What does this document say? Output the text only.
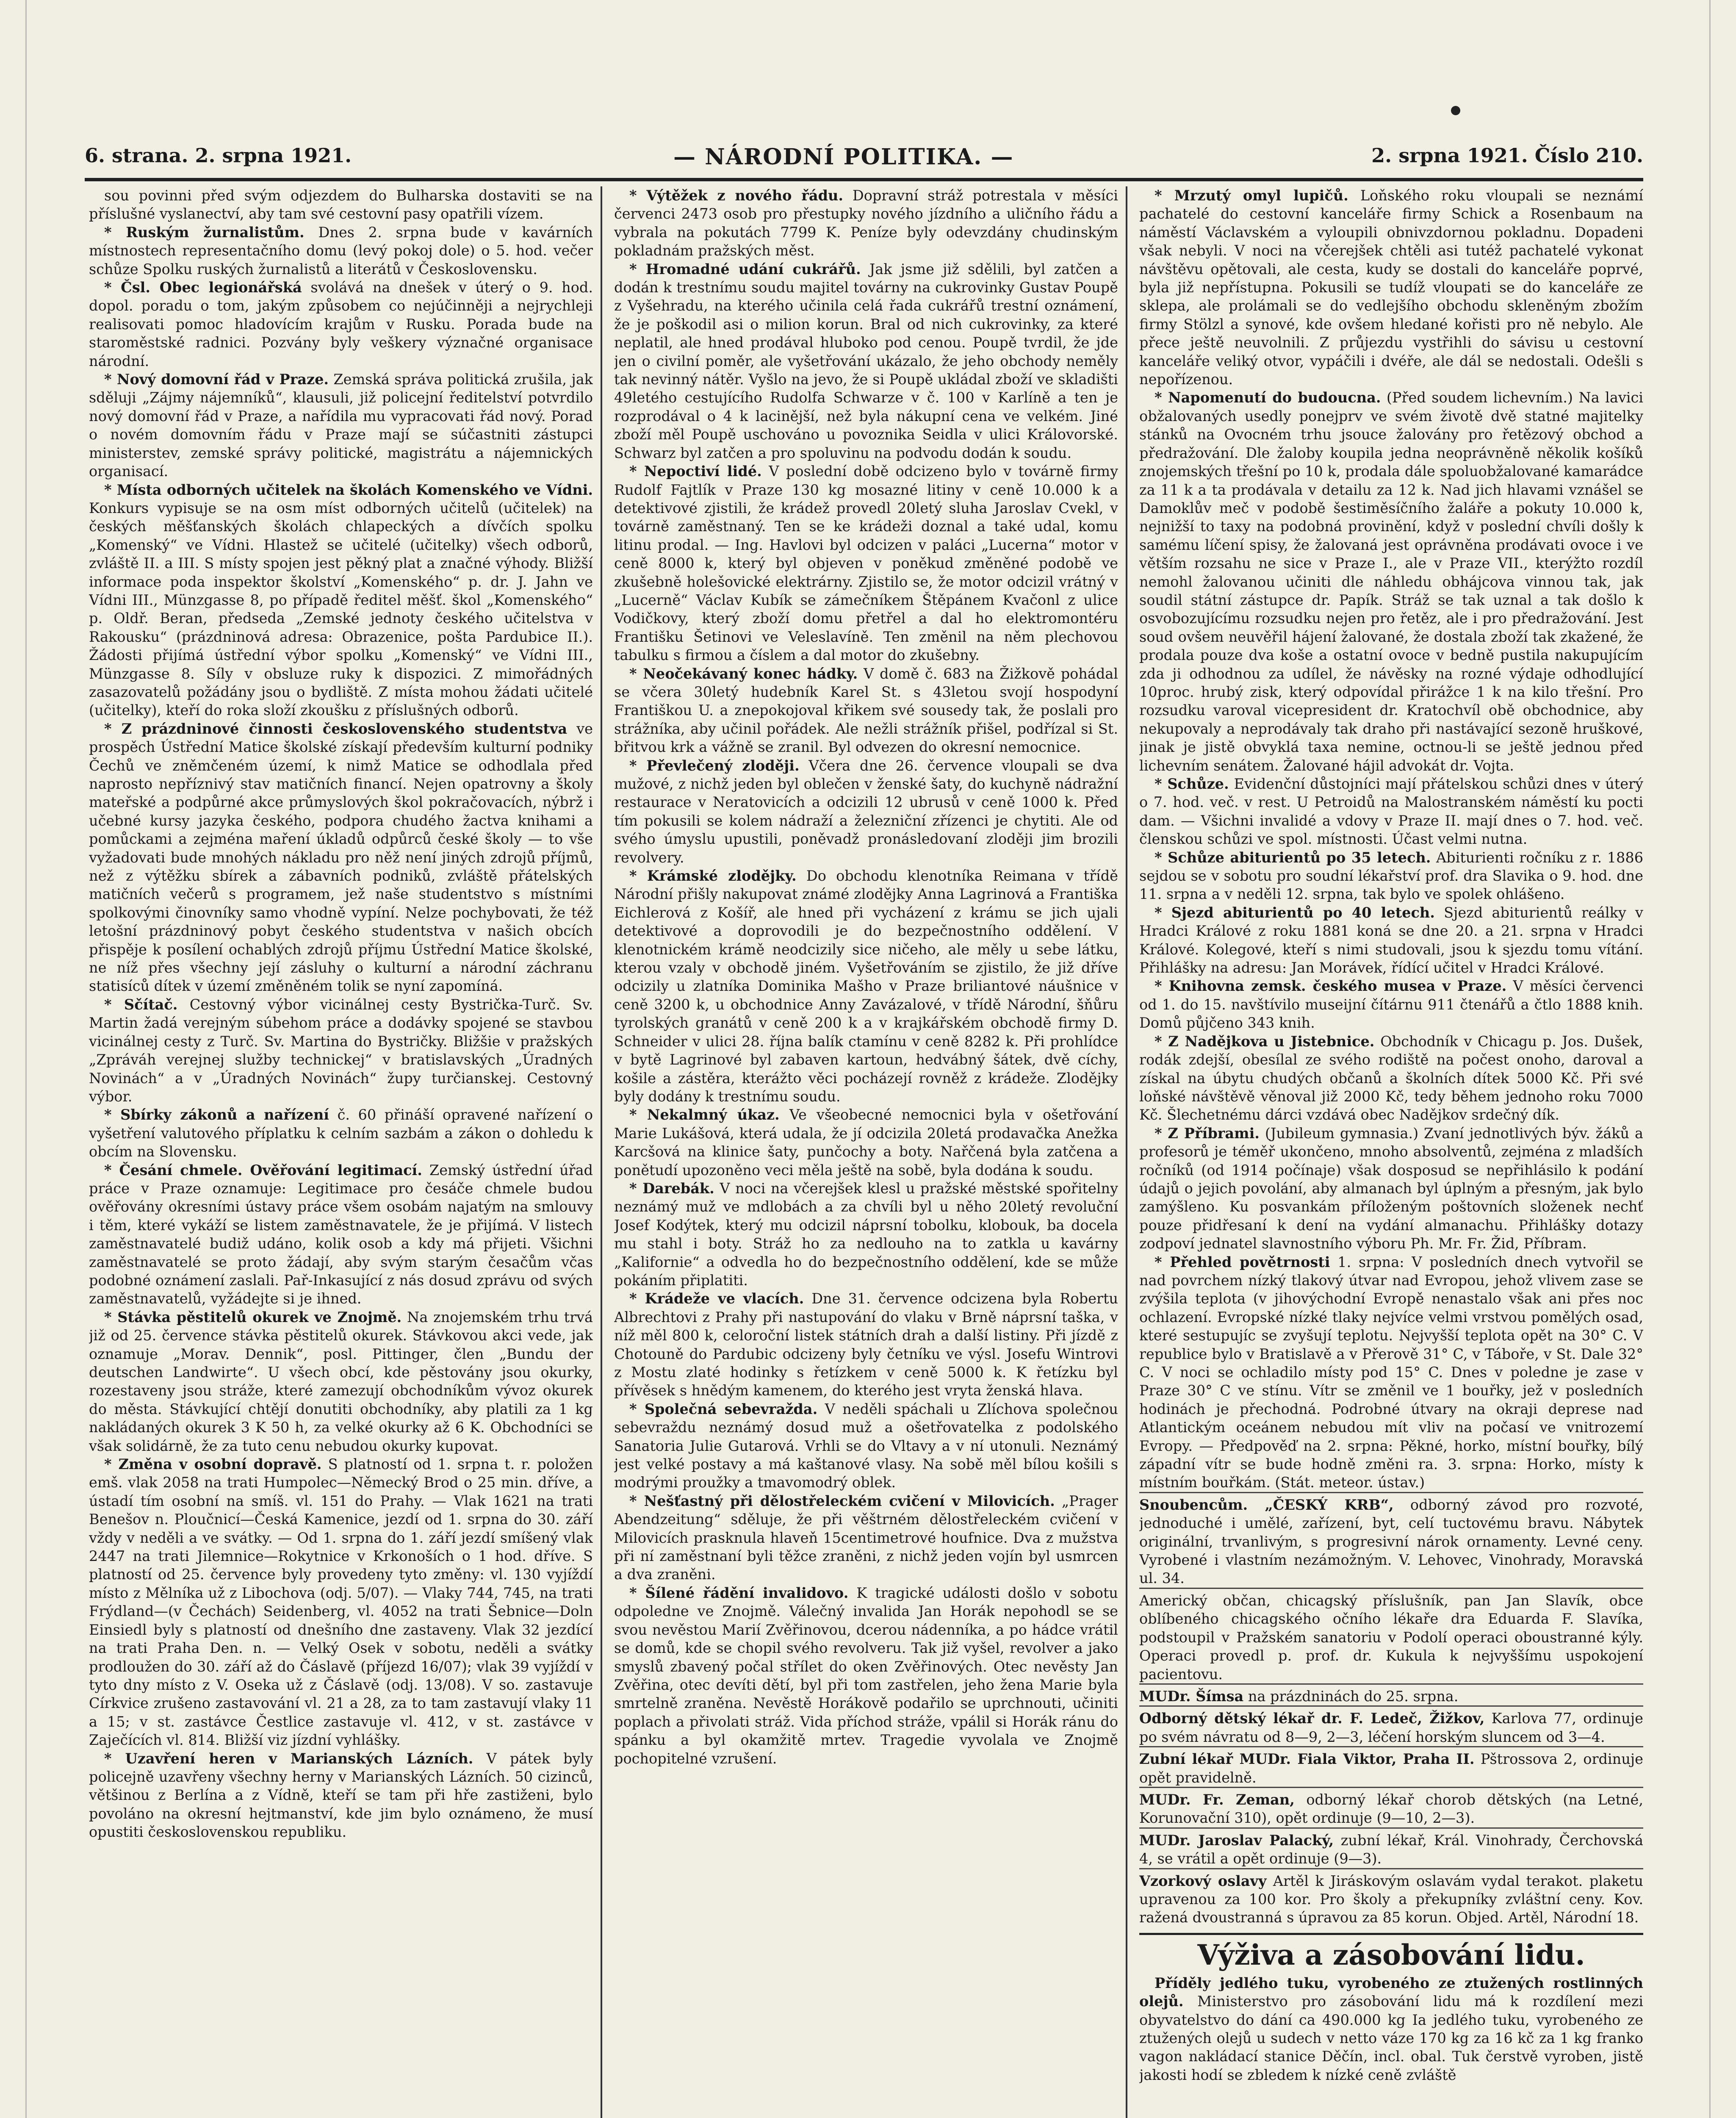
6. strana. 2. srpna 1921.	— NÁRODNÍ POLITIKA. —	2. srpna 1921. Číslo 210.

sou povinni před svým odjezdem do Bulharska dostaviti se na příslušné vyslanectví, aby tam své cestovní pasy opatřili vízem.

* Ruským žurnalistům. Dnes 2. srpna bude v kavárních místnostech representačního domu (levý pokoj dole) o 5. hod. večer schůze Spolku ruských žurnalistů a literátů v Československu.

* Čsl. Obec legionářská svolává na dnešek v úterý o 9. hod. dopol. poradu o tom, jakým způsobem co nejúčinněji a nejrychleji realisovati pomoc hladovícím krajům v Rusku. Porada bude na staroměstské radnici. Pozvány byly veškery význačné organisace národní.

* Nový domovní řád v Praze. Zemská správa politická zrušila, jak sděluji „Zájmy nájemníků“, klausuli, již policejní ředitelství potvrdilo nový domovní řád v Praze, a nařídila mu vypracovati řád nový. Porad o novém domovním řádu v Praze mají se súčastniti zástupci ministerstev, zemské správy politické, magistrátu a nájemnických organisací.

* Místa odborných učitelek na školách Komenského ve Vídni. Konkurs vypisuje se na osm míst odborných učitelů (učitelek) na českých měšťanských školách chlapeckých a dívčích spolku „Komenský“ ve Vídni. Hlastež se učitelé (učitelky) všech odborů, zvláště II. a III. S místy spojen jest pěkný plat a značné výhody. Bližší informace poda inspektor školství „Komenského“ p. dr. J. Jahn ve Vídni III., Münzgasse 8, po případě ředitel měšť. škol „Komenského“ p. Oldř. Beran, předseda „Zemské jednoty českého učitelstva v Rakousku“ (prázdninová adresa: Obrazenice, pošta Pardubice II.). Žádosti přijímá ústřední výbor spolku „Komenský“ ve Vídni III., Münzgasse 8. Síly v obsluze ruky k dispozici. Z mimořádných zasazovatelů požádány jsou o bydliště. Z místa mohou žádati učitelé (učitelky), kteří do roka složí zkoušku z příslušných odborů.

* Z prázdninové činnosti československého studentstva ve prospěch Ústřední Matice školské získají především kulturní podniky Čechů ve zněmčeném území, k nimž Matice se odhodlala před naprosto nepříznivý stav matičních financí. Nejen opatrovny a školy mateřské a podpůrné akce průmyslových škol pokračovacích, nýbrž i učebné kursy jazyka českého, podpora chudého žactva knihami a pomůckami a zejména maření úkladů odpůrců české školy — to vše vyžadovati bude mnohých nákladu pro něž není jiných zdrojů příjmů, než z výtěžku sbírek a zábavních podniků, zvláště přátelských matičních večerů s programem, jež naše studentstvo s místními spolkovými činovníky samo vhodně vypíní. Nelze pochybovati, že též letošní prázdninový pobyt českého studentstva v našich obcích přispěje k posílení ochablých zdrojů příjmu Ústřední Matice školské, ne níž přes všechny její zásluhy o kulturní a národní záchranu statisíců dítek v území změněném tolik se nyní zapomíná.

* Sčítač. Cestovný výbor vicinálnej cesty Bystrička-Turč. Sv. Martin žadá verejným súbehom práce a dodávky spojené se stavbou vicinálnej cesty z Turč. Sv. Martina do Bystričky. Bližšie v pražských „Zpráváh verejnej služby technickej“ v bratislavských „Úradných Novinách“ a v „Úradných Novinách“ župy turčianskej. Cestovný výbor.

* Sbírky zákonů a nařízení č. 60 přináší opravené nařízení o vyšetření valutového příplatku k celním sazbám a zákon o dohledu k obcím na Slovensku.

* Česání chmele. Ověřování legitimací. Zemský ústřední úřad práce v Praze oznamuje: Legitimace pro česáče chmele budou ověřovány okresními ústavy práce všem osobám najatým na smlouvy i těm, které vykáží se listem zaměstnavatele, že je přijímá. V listech zaměstnavatelé budiž udáno, kolik osob a kdy má přijeti. Všichni zaměstnavatelé se proto žádají, aby svým starým česačům včas podobné oznámení zaslali. Pař-Inkasující z nás dosud zprávu od svých zaměstnavatelů, vyžádejte si je ihned.

* Stávka pěstitelů okurek ve Znojmě. Na znojemském trhu trvá již od 25. července stávka pěstitelů okurek. Stávkovou akci vede, jak oznamuje „Morav. Dennik“, posl. Pittinger, člen „Bundu der deutschen Landwirte“. U všech obcí, kde pěstovány jsou okurky, rozestaveny jsou stráže, které zamezují obchodníkům vývoz okurek do města. Stávkující chtějí donutiti obchodníky, aby platili za 1 kg nakládaných okurek 3 K 50 h, za velké okurky až 6 K. Obchodníci se však solidárně, že za tuto cenu nebudou okurky kupovat.

* Změna v osobní dopravě. S platností od 1. srpna t. r. položen emš. vlak 2058 na trati Humpolec—Německý Brod o 25 min. dříve, a ústadí tím osobní na smíš. vl. 151 do Prahy. — Vlak 1621 na trati Benešov n. Ploučnicí—Česká Kamenice, jezdí od 1. srpna do 30. září vždy v neděli a ve svátky. — Od 1. srpna do 1. září jezdí smíšený vlak 2447 na trati Jilemnice—Rokytnice v Krkonoších o 1 hod. dříve. S platností od 25. července byly provedeny tyto změny: vl. 130 vyjíždí místo z Mělníka už z Libochova (odj. 5/07). — Vlaky 744, 745, na trati Frýdland—(v Čechách) Seidenberg, vl. 4052 na trati Šebnice—Doln Einsiedl byly s platností od dnešního dne zastaveny. Vlak 32 jezdící na trati Praha Den. n. — Velký Osek v sobotu, neděli a svátky prodloužen do 30. září až do Čáslavě (příjezd 16/07); vlak 39 vyjíždí v tyto dny místo z V. Oseka už z Čáslavě (odj. 13/08). V so. zastavuje Církvice zrušeno zastavování vl. 21 a 28, za to tam zastavují vlaky 11 a 15; v st. zastávce Čestlice zastavuje vl. 412, v st. zastávce v Zaječících vl. 814. Bližší viz jízdní vyhlášky.

* Uzavření heren v Marianských Lázních. V pátek byly policejně uzavřeny všechny herny v Marianských Lázních. 50 cizinců, většinou z Berlína a z Vídně, kteří se tam při hře zastiženi, bylo povoláno na okresní hejtmanství, kde jim bylo oznámeno, že musí opustiti československou republiku.

* Výtěžek z nového řádu. Dopravní stráž potrestala v měsíci červenci 2473 osob pro přestupky nového jízdního a uličního řádu a vybrala na pokutách 7799 K. Peníze byly odevzdány chudinským pokladnám pražských měst.

* Hromadné udání cukrářů. Jak jsme již sdělili, byl zatčen a dodán k trestnímu soudu majitel továrny na cukrovinky Gustav Poupě z Vyšehradu, na kterého učinila celá řada cukrářů trestní oznámení, že je poškodil asi o milion korun. Bral od nich cukrovinky, za které neplatil, ale hned prodával hluboko pod cenou. Poupě tvrdil, že jde jen o civilní poměr, ale vyšetřování ukázalo, že jeho obchody neměly tak nevinný nátěr. Vyšlo na jevo, že si Poupě ukládal zboží ve skladišti 49letého cestujícího Rudolfa Schwarze v č. 100 v Karlíně a ten je rozprodával o 4 k lacinější, než byla nákupní cena ve velkém. Jiné zboží měl Poupě uschováno u povoznika Seidla v ulici Královorské. Schwarz byl zatčen a pro spoluvinu na podvodu dodán k soudu.

* Nepoctiví lidé. V poslední době odcizeno bylo v továrně firmy Rudolf Fajtlík v Praze 130 kg mosazné litiny v ceně 10.000 k a detektivové zjistili, že krádež provedl 20letý sluha Jaroslav Cvekl, v továrně zaměstnaný. Ten se ke krádeži doznal a také udal, komu litinu prodal. — Ing. Havlovi byl odcizen v paláci „Lucerna“ motor v ceně 8000 k, který byl objeven v poněkud změněné podobě ve zkušebně holešovické elektrárny. Zjistilo se, že motor odcizil vrátný v „Lucerně“ Václav Kubík se zámečníkem Štěpánem Kvačonl z ulice Vodičkovy, který zboží domu přetřel a dal ho elektromontéru Františku Šetinovi ve Veleslavíně. Ten změnil na něm plechovou tabulku s firmou a číslem a dal motor do zkušebny.

* Neočekávaný konec hádky. V domě č. 683 na Žižkově pohádal se včera 30letý hudebník Karel St. s 43letou svojí hospodyní Františkou U. a znepokojoval křikem své sousedy tak, že poslali pro strážníka, aby učinil pořádek. Ale nežli strážník přišel, podřízal si St. břitvou krk a vážně se zranil. Byl odvezen do okresní nemocnice.

* Převlečený zloději. Včera dne 26. července vloupali se dva mužové, z nichž jeden byl oblečen v ženské šaty, do kuchyně nádražní restaurace v Neratovicích a odcizili 12 ubrusů v ceně 1000 k. Před tím pokusili se kolem nádraží a železniční zřízenci je chytiti. Ale od svého úmyslu upustili, poněvadž pronásledovaní zloději jim brozili revolvery.

* Krámské zlodějky. Do obchodu klenotníka Reimana v třídě Národní přišly nakupovat známé zlodějky Anna Lagrinová a Františka Eichlerová z Košíř, ale hned při vycházení z krámu se jich ujali detektivové a doprovodili je do bezpečnostního oddělení. V klenotnickém krámě neodcizily sice ničeho, ale měly u sebe látku, kterou vzaly v obchodě jiném. Vyšetřováním se zjistilo, že již dříve odcizily u zlatníka Dominika Mašho v Praze briliantové náušnice v ceně 3200 k, u obchodnice Anny Zavázalové, v třídě Národní, šňůru tyrolských granátů v ceně 200 k a v krajkářském obchodě firmy D. Schneider v ulici 28. října balík ctamínu v ceně 8282 k. Při prohlídce v bytě Lagrinové byl zabaven kartoun, hedvábný šátek, dvě cíchy, košile a zástěra, kterážto věci pocházejí rovněž z krádeže. Zlodějky byly dodány k trestnímu soudu.

* Nekalmný úkaz. Ve všeobecné nemocnici byla v ošetřování Marie Lukášová, která udala, že jí odcizila 20letá prodavačka Anežka Karcšová na klinice šaty, punčochy a boty. Nařčená byla zatčena a ponětudí upozoněno veci měla ještě na sobě, byla dodána k soudu.

* Darebák. V noci na včerejšek klesl u pražské městské spořitelny neznámý muž ve mdlobách a za chvíli byl u něho 20letý revoluční Josef Kodýtek, který mu odcizil náprsní tobolku, klobouk, ba docela mu stahl i boty. Stráž ho za nedlouho na to zatkla u kavárny „Kalifornie“ a odvedla ho do bezpečnostního oddělení, kde se může pokáním připlatiti.

* Krádeže ve vlacích. Dne 31. července odcizena byla Robertu Albrechtovi z Prahy při nastupování do vlaku v Brně náprsní taška, v níž měl 800 k, celoroční listek státních drah a další listiny. Při jízdě z Chotouně do Pardubic odcizeny byly četníku ve výsl. Josefu Wintrovi z Mostu zlaté hodinky s řetízkem v ceně 5000 k. K řetízku byl přívěsek s hnědým kamenem, do kterého jest vryta ženská hlava.

* Společná sebevražda. V neděli spáchali u Zlíchova společnou sebevraždu neznámý dosud muž a ošetřovatelka z podolského Sanatoria Julie Gutarová. Vrhli se do Vltavy a v ní utonuli. Neznámý jest velké postavy a má kaštanové vlasy. Na sobě měl bílou košili s modrými proužky a tmavomodrý oblek.

* Nešťastný při dělostřeleckém cvičení v Milovicích. „Prager Abendzeitung“ sděluje, že při věštrném dělostřeleckém cvičení v Milovicích prasknula hlaveň 15centimetrové houfnice. Dva z mužstva při ní zaměstnaní byli těžce zraněni, z nichž jeden vojín byl usmrcen a dva zraněni.

* Šílené řádění invalidovo. K tragické události došlo v sobotu odpoledne ve Znojmě. Válečný invalida Jan Horák nepohodl se se svou nevěstou Marií Zvěřinovou, dcerou nádenníka, a po hádce vrátil se domů, kde se chopil svého revolveru. Tak již vyšel, revolver a jako smyslů zbavený počal střílet do oken Zvěřinových. Otec nevěsty Jan Zvěřina, otec devíti dětí, byl při tom zastřelen, jeho žena Marie byla smrtelně zraněna. Nevěstě Horákově podařilo se uprchnouti, učiniti poplach a přivolati stráž. Vida příchod stráže, vpálil si Horák ránu do spánku a byl okamžitě mrtev. Tragedie vyvolala ve Znojmě pochopitelné vzrušení.

* Mrzutý omyl lupičů. Loňského roku vloupali se neznámí pachatelé do cestovní kanceláře firmy Schick a Rosenbaum na náměstí Václavském a vyloupili obnivzdornou pokladnu. Dopadeni však nebyli. V noci na včerejšek chtěli asi tutéž pachatelé vykonat návštěvu opětovali, ale cesta, kudy se dostali do kanceláře poprvé, byla již nepřístupna. Pokusili se tudíž vloupati se do kanceláře ze sklepa, ale prolámali se do vedlejšího obchodu skleněným zbožím firmy Stölzl a synové, kde ovšem hledané kořisti pro ně nebylo. Ale přece ještě neuvolnili. Z průjezdu vystřihli do sávisu u cestovní kanceláře veliký otvor, vypáčili i dvéře, ale dál se nedostali. Odešli s nepořízenou.

* Napomenutí do budoucna. (Před soudem lichevním.) Na lavici obžalovaných usedly ponejprv ve svém životě dvě statné majitelky stánků na Ovocném trhu jsouce žalovány pro řetězový obchod a předražování. Dle žaloby koupila jedna neoprávněně několik košíků znojemských třešní po 10 k, prodala dále spoluobžalované kamarádce za 11 k a ta prodávala v detailu za 12 k. Nad jich hlavami vznášel se Damoklův meč v podobě šestiměsíčního žaláře a pokuty 10.000 k, nejnižší to taxy na podobná provinění, když v poslední chvíli došly k samému líčení spisy, že žalovaná jest oprávněna prodávati ovoce i ve větším rozsahu ne sice v Praze I., ale v Praze VII., kterýžto rozdíl nemohl žalovanou učiniti dle náhledu obhájcova vinnou tak, jak soudil státní zástupce dr. Papík. Stráž se tak uznal a tak došlo k osvobozujícímu rozsudku nejen pro řetěz, ale i pro předražování. Jest soud ovšem neuvěřil hájení žalované, že dostala zboží tak zkažené, že prodala pouze dva koše a ostatní ovoce v bedně pustila nakupujícím zda ji odhodnou za udílel, že návěsky na rozné výdaje odhodlující 10proc. hrubý zisk, který odpovídal přirážce 1 k na kilo třešní. Pro rozsudku varoval vicepresident dr. Kratochvíl obě obchodnice, aby nekupovaly a neprodávaly tak draho při nastávající sezoně hruškové, jinak je jistě obvyklá taxa nemine, octnou-li se ještě jednou před lichevním senátem. Žalované hájil advokát dr. Vojta.

* Schůze. Evidenční důstojníci mají přátelskou schůzi dnes v úterý o 7. hod. več. v rest. U Petroidů na Malostranském náměstí ku pocti dam. — Všichni invalidé a vdovy v Praze II. mají dnes o 7. hod. več. členskou schůzi ve spol. místnosti. Účast velmi nutna.

* Schůze abiturientů po 35 letech. Abiturienti ročníku z r. 1886 sejdou se v sobotu pro soudní lékařství prof. dra Slavika o 9. hod. dne 11. srpna a v neděli 12. srpna, tak bylo ve spolek ohlášeno.

* Sjezd abiturientů po 40 letech. Sjezd abiturientů reálky v Hradci Králové z roku 1881 koná se dne 20. a 21. srpna v Hradci Králové. Kolegové, kteří s nimi studovali, jsou k sjezdu tomu vítání. Přihlášky na adresu: Jan Morávek, řídící učitel v Hradci Králové.

* Knihovna zemsk. českého musea v Praze. V měsíci červenci od 1. do 15. navštívilo museijní čítárnu 911 čtenářů a čtlo 1888 knih. Domů půjčeno 343 knih.

* Z Nadějkova u Jistebnice. Obchodník v Chicagu p. Jos. Dušek, rodák zdejší, obesílal ze svého rodiště na počest onoho, daroval a získal na úbytu chudých občanů a školních dítek 5000 Kč. Při své loňské návštěvě věnoval již 2000 Kč, tedy během jednoho roku 7000 Kč. Šlechetnému dárci vzdává obec Nadějkov srdečný dík.

* Z Příbrami. (Jubileum gymnasia.) Zvaní jednotlivých býv. žáků a profesorů je téměř ukončeno, mnoho absolventů, zejména z mladších ročníků (od 1914 počínaje) však dosposud se nepřihlásilo k podání údajů o jejich povolání, aby almanach byl úplným a přesným, jak bylo zamýšleno. Ku posvankám příloženým poštovních složenek nechť pouze přidřesaní k dení na vydání almanachu. Přihlášky dotazy zodpoví jednatel slavnostního výboru Ph. Mr. Fr. Žid, Příbram.

* Přehled povětrnosti 1. srpna: V posledních dnech vytvořil se nad povrchem nízký tlakový útvar nad Evropou, jehož vlivem zase se zvýšila teplota (v jihovýchodní Evropě nenastalo však ani přes noc ochlazení. Evropské nízké tlaky nejvíce velmi vrstvou pomělých osad, které sestupujíc se zvyšují teplotu. Nejvyšší teplota opět na 30° C. V republice bylo v Bratislavě a v Přerově 31° C, v Táboře, v St. Dale 32° C. V noci se ochladilo místy pod 15° C. Dnes v poledne je zase v Praze 30° C ve stínu. Vítr se změnil ve 1 bouřky, jež v posledních hodinách je přechodná. Podrobné útvary na okraji deprese nad Atlantickým oceánem nebudou mít vliv na počasí ve vnitrozemí Evropy. — Předpověď na 2. srpna: Pěkné, horko, místní bouřky, bílý západní vítr se bude hodně změni ra. 3. srpna: Horko, místy k místním bouřkám. (Stát. meteor. ústav.)

Snoubencům. „ČESKÝ KRB“, odborný závod pro rozvoté, jednoduché i umělé, zařízení, byt, celí tuctovému bravu. Nábytek originální, trvanlivým, s progresivní nárok ornamenty. Levné ceny. Vyrobené i vlastním nezámožným. V. Lehovec, Vinohrady, Moravská ul. 34.

Americký občan, chicagský příslušník, pan Jan Slavík, obce oblíbeného chicagského očního lékaře dra Eduarda F. Slavíka, podstoupil v Pražském sanatoriu v Podolí operaci oboustranné kýly. Operaci provedl p. prof. dr. Kukula k nejvyššímu uspokojení pacientovu.

MUDr. Šímsa na prázdninách do 25. srpna.

Odborný dětský lékař dr. F. Ledeč, Žižkov, Karlova 77, ordinuje po svém návratu od 8—9, 2—3, léčení horským sluncem od 3—4.

Zubní lékař MUDr. Fiala Viktor, Praha II. Pštrossova 2, ordinuje opět pravidelně.

MUDr. Fr. Zeman, odborný lékař chorob dětských (na Letné, Korunovační 310), opět ordinuje (9—10, 2—3).

MUDr. Jaroslav Palacký, zubní lékař, Král. Vinohrady, Čerchovská 4, se vrátil a opět ordinuje (9—3).

Vzorkový oslavy Artěl k Jiráskovým oslavám vydal terakot. plaketu upravenou za 100 kor. Pro školy a překupníky zvláštní ceny. Kov. ražená dvoustranná s úpravou za 85 korun. Objed. Artěl, Národní 18.

Výživa a zásobování lidu.

Příděly jedlého tuku, vyrobeného ze ztužených rostlinných olejů. Ministerstvo pro zásobování lidu má k rozdílení mezi obyvatelstvo do dání ca 490.000 kg Ia jedlého tuku, vyrobeného ze ztužených olejů u sudech v netto váze 170 kg za 16 kč za 1 kg franko vagon nakládací stanice Děčín, incl. obal. Tuk čerstvě vyroben, jistě jakosti hodí se zbledem k nízké ceně zvláště
